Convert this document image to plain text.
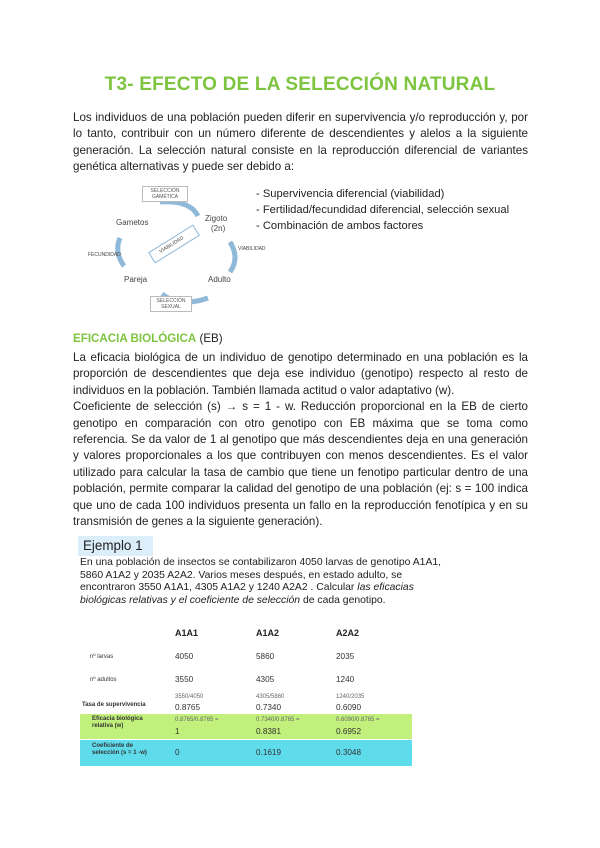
T3- EFECTO DE LA SELECCIÓN NATURAL
Los individuos de una población pueden diferir en supervivencia y/o reproducción y, por lo tanto, contribuir con un número diferente de descendientes y alelos a la siguiente generación. La selección natural consiste en la reproducción diferencial de variantes genética alternativas y puede ser debido a:
SELECCIÓN GAMÉTICA
Zigoto
(2n)
Gametos
FECUNDIDAD
VIABILIDAD
VIABILIDAD
Pareja	Adulto
SELECCIÓN SEXUAL
- Supervivencia diferencial (viabilidad)
- Fertilidad/fecundidad diferencial, selección sexual
- Combinación de ambos factores
EFICACIA BIOLÓGICA (EB)
La eficacia biológica de un individuo de genotipo determinado en una población es la proporción de descendientes que deja ese individuo (genotipo) respecto al resto de individuos en la población. También llamada actitud o valor adaptativo (w).
Coeficiente de selección (s) → s = 1 - w. Reducción proporcional en la EB de cierto genotipo en comparación con otro genotipo con EB máxima que se toma como referencia. Se da valor de 1 al genotipo que más descendientes deja en una generación y valores proporcionales a los que contribuyen con menos descendientes. Es el valor utilizado para calcular la tasa de cambio que tiene un fenotipo particular dentro de una población, permite comparar la calidad del genotipo de una población (ej: s = 100 indica que uno de cada 100 individuos presenta un fallo en la reproducción fenotípica y en su transmisión de genes a la siguiente generación).
Ejemplo 1
En una población de insectos se contabilizaron 4050 larvas de genotipo A1A1, 5860 A1A2 y 2035 A2A2. Varios meses después, en estado adulto, se encontraron 3550 A1A1, 4305 A1A2 y 1240 A2A2 . Calcular las eficacias biológicas relativas y el coeficiente de selección de cada genotipo.
A1A1	A1A2	A2A2
nº larvas	4050	5860	2035
nº adultos	3550	4305	1240
Tasa de supervivencia
3550/4050	4305/5860	1240/2035
0.8765	0.7340	0.6090
Eficacia biológica relativa (w)
0.8765/0.8765 =	0.7340/0.8765 =	0.6090/0.8765 =
1	0.8381	0.6952
Coeficiente de selección (s = 1 -w)	0	0.1619	0.3048
